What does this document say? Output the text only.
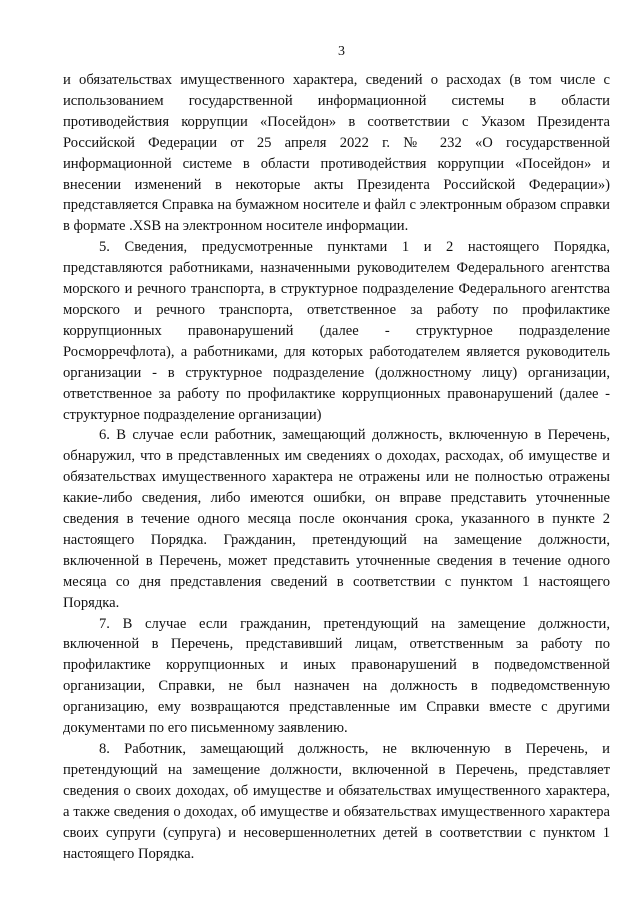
3

и обязательствах имущественного характера, сведений о расходах (в том числе с использованием государственной информационной системы в области противодействия коррупции «Посейдон» в соответствии с Указом Президента Российской Федерации от 25 апреля 2022 г. № 232 «О государственной информационной системе в области противодействия коррупции «Посейдон» и внесении изменений в некоторые акты Президента Российской Федерации») представляется Справка на бумажном носителе и файл с электронным образом справки в формате .XSB на электронном носителе информации.

5. Сведения, предусмотренные пунктами 1 и 2 настоящего Порядка, представляются работниками, назначенными руководителем Федерального агентства морского и речного транспорта, в структурное подразделение Федерального агентства морского и речного транспорта, ответственное за работу по профилактике коррупционных правонарушений (далее - структурное подразделение Росморречфлота), а работниками, для которых работодателем является руководитель организации - в структурное подразделение (должностному лицу) организации, ответственное за работу по профилактике коррупционных правонарушений (далее - структурное подразделение организации)

6. В случае если работник, замещающий должность, включенную в Перечень, обнаружил, что в представленных им сведениях о доходах, расходах, об имуществе и обязательствах имущественного характера не отражены или не полностью отражены какие-либо сведения, либо имеются ошибки, он вправе представить уточненные сведения в течение одного месяца после окончания срока, указанного в пункте 2 настоящего Порядка. Гражданин, претендующий на замещение должности, включенной в Перечень, может представить уточненные сведения в течение одного месяца со дня представления сведений в соответствии с пунктом 1 настоящего Порядка.

7. В случае если гражданин, претендующий на замещение должности, включенной в Перечень, представивший лицам, ответственным за работу по профилактике коррупционных и иных правонарушений в подведомственной организации, Справки, не был назначен на должность в подведомственную организацию, ему возвращаются представленные им Справки вместе с другими документами по его письменному заявлению.

8. Работник, замещающий должность, не включенную в Перечень, и претендующий на замещение должности, включенной в Перечень, представляет сведения о своих доходах, об имуществе и обязательствах имущественного характера, а также сведения о доходах, об имуществе и обязательствах имущественного характера своих супруги (супруга) и несовершеннолетних детей в соответствии с пунктом 1 настоящего Порядка.
